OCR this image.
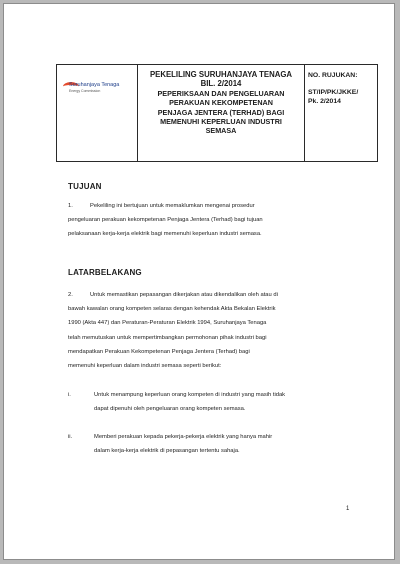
Suruhanjaya Tenaga
Energy Commission
PEKELILING SURUHANJAYA TENAGA
BIL. 2/2014
PEPERIKSAAN DAN PENGELUARAN
PERAKUAN KEKOMPETENAN
PENJAGA JENTERA (TERHAD) BAGI
MEMENUHI KEPERLUAN INDUSTRI
SEMASA
NO. RUJUKAN:
ST/IP/PK/JKKE/
Pk. 2/2014
TUJUAN
1.	Pekeliling ini bertujuan untuk memaklumkan mengenai prosedur
pengeluaran perakuan kekompetenan Penjaga Jentera (Terhad) bagi tujuan
pelaksanaan kerja-kerja elektrik bagi memenuhi keperluan industri semasa.
LATARBELAKANG
2.	Untuk memastikan pepasangan dikerjakan atau dikendalikan oleh atau di
bawah kawalan orang kompeten selaras dengan kehendak Akta Bekalan Elektrik
1990 (Akta 447) dan Peraturan-Peraturan Elektrik 1994, Suruhanjaya Tenaga
telah memutuskan untuk mempertimbangkan permohonan pihak industri bagi
mendapatkan Perakuan Kekompetenan Penjaga Jentera (Terhad) bagi
memenuhi keperluan dalam industri semasa seperti berikut:
i.	Untuk menampung keperluan orang kompeten di industri yang masih tidak
dapat dipenuhi oleh pengeluaran orang kompeten semasa.
ii.	Memberi perakuan kepada pekerja-pekerja elektrik yang hanya mahir
dalam kerja-kerja elektrik di pepasangan tertentu sahaja.
1
